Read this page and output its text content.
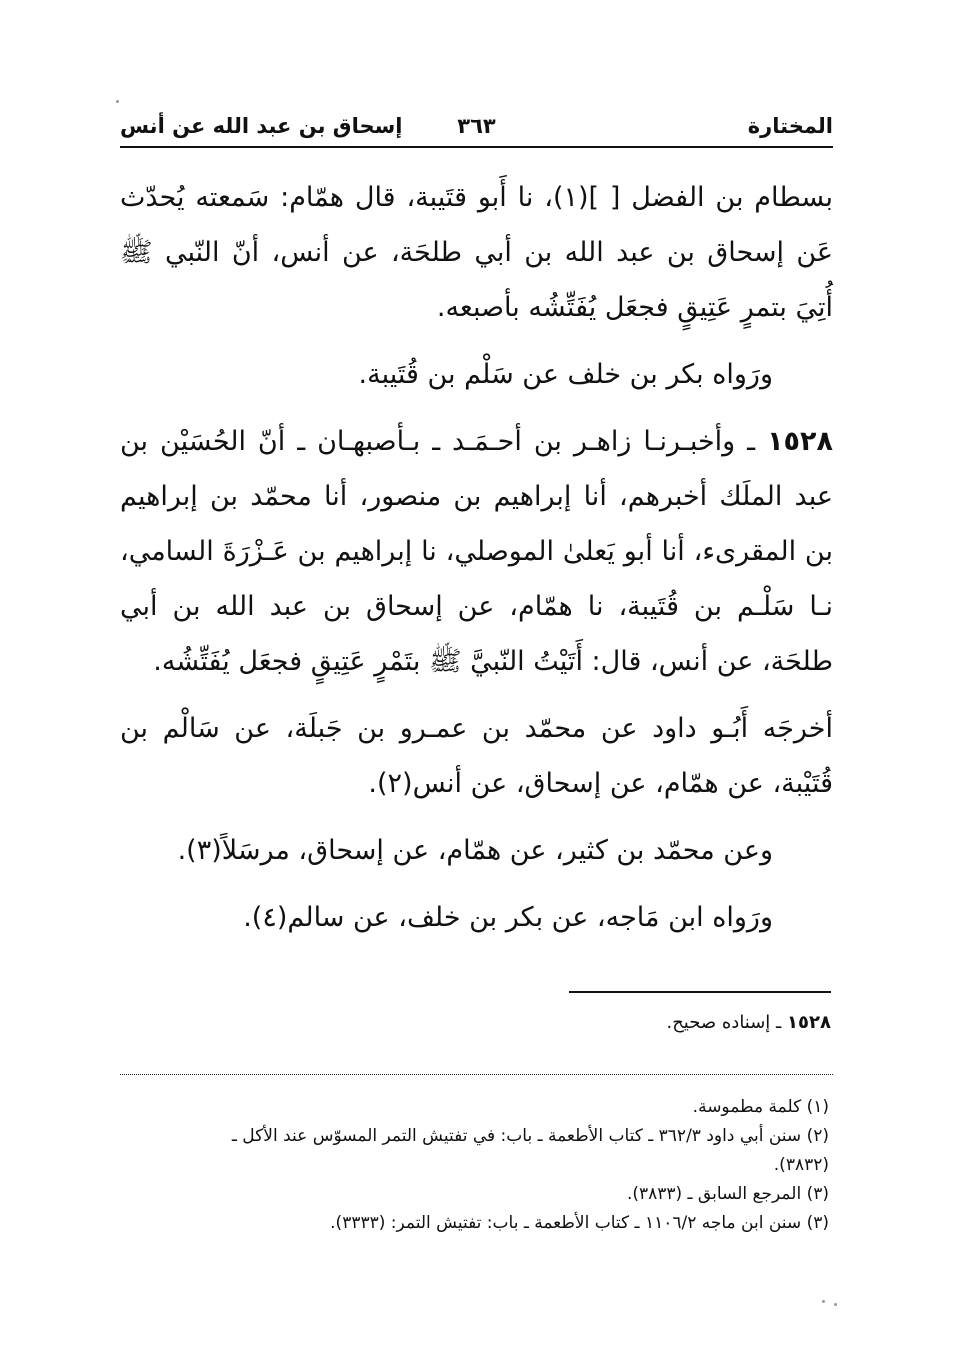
المختارة
٣٦٣
إسحاق بن عبد الله عن أنس

بسطام بن الفضل [ ](١)، نا أَبو قتَيبة، قال همّام: سَمعته يُحدّث عَن إسحاق بن عبد الله بن أبي طلحَة، عن أنس، أنّ النّبي ﷺ أُتِيَ بتمرٍ عَتِيقٍ فجعَل يُفَتِّشُه بأصبعه.

ورَواه بكر بن خلف عن سَلْم بن قُتَيبة.

١٥٢٨ ـ وأخبـرنـا زاهـر بن أحـمَـد ـ بـأصبهـان ـ أنّ الحُسَيْن بن عبد الملَك أخبرهم، أنا إبراهيم بن منصور، أنا محمّد بن إبراهيم بن المقرىء، أنا أبو يَعلىٰ الموصلي، نا إبراهيم بن عَـزْرَةَ السامي، نـا سَلْـم بن قُتَيبة، نا همّام، عن إسحاق بن عبد الله بن أبي طلحَة، عن أنس، قال: أَتَيْتُ النّبيَّ ﷺ بتَمْرٍ عَتِيقٍ فجعَل يُفَتِّشُه.

أخرجَه أَبُـو داود عن محمّد بن عمـرو بن جَبلَة، عن سَالْم بن قُتَيْبة، عن همّام، عن إسحاق، عن أنس(٢).

وعن محمّد بن كثير، عن همّام، عن إسحاق، مرسَلاً(٣).

ورَواه ابن مَاجه، عن بكر بن خلف، عن سالم(٤).

١٥٢٨ ـ إسناده صحيح.

(١) كلمة مطموسة.

(٢) سنن أبي داود ٣٦٢/٣ ـ كتاب الأطعمة ـ باب: في تفتيش التمر المسوّس عند الأكل ـ

(٣٨٣٢).

(٣) المرجع السابق ـ (٣٨٣٣).

(٣) سنن ابن ماجه ١١٠٦/٢ ـ كتاب الأطعمة ـ باب: تفتيش التمر: (٣٣٣٣).
